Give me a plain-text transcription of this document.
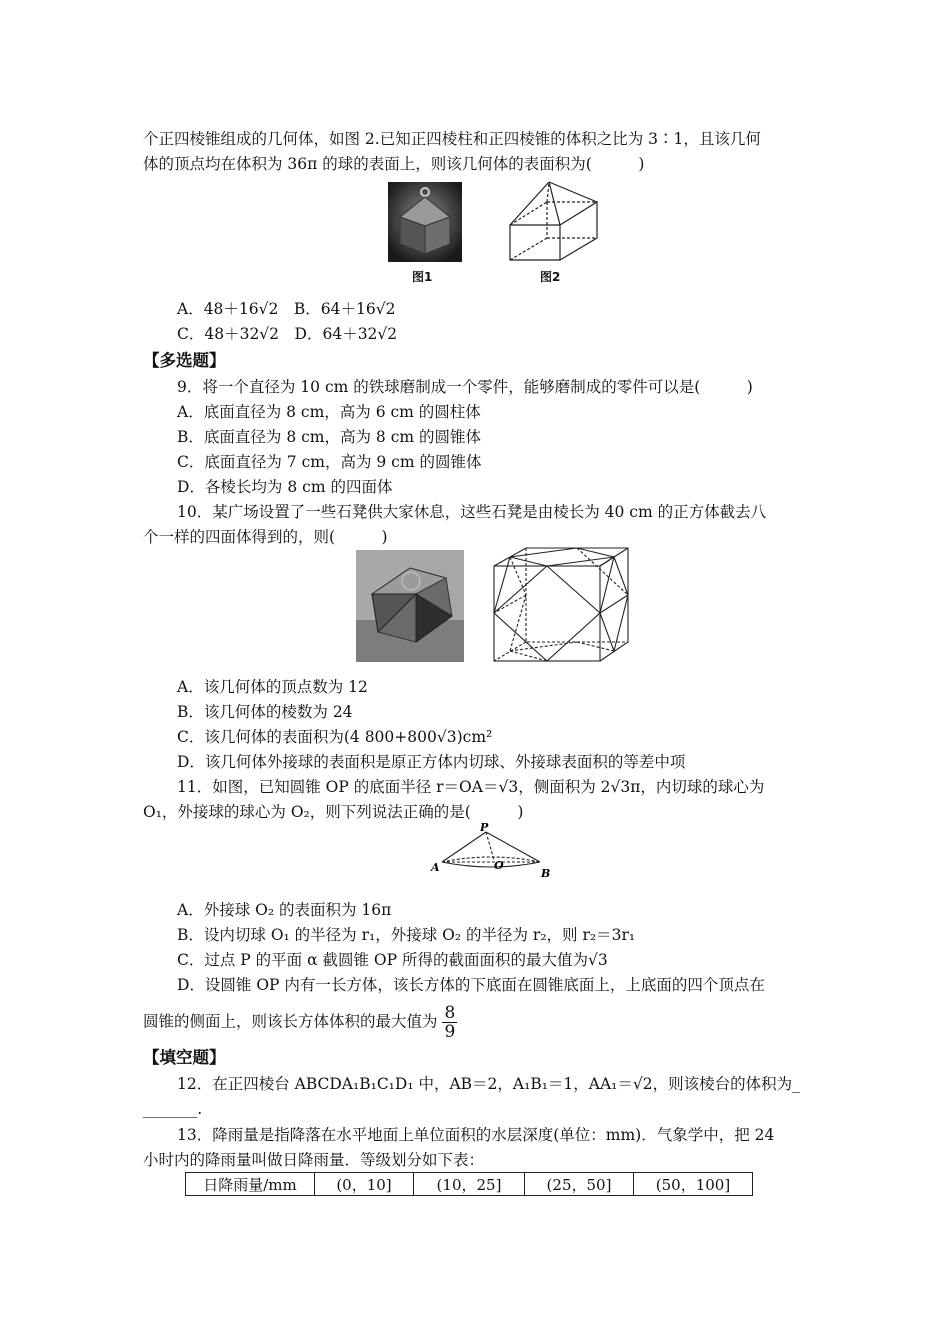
个正四棱锥组成的几何体，如图 2.已知正四棱柱和正四棱锥的体积之比为 3∶1，且该几何
体的顶点均在体积为 36π 的球的表面上，则该几何体的表面积为(　　　)
图1	图2
A．48＋16√2　B．64＋16√2
C．48＋32√2　D．64＋32√2
【多选题】
9．将一个直径为 10 cm 的铁球磨制成一个零件，能够磨制成的零件可以是(　　　)
A．底面直径为 8 cm，高为 6 cm 的圆柱体
B．底面直径为 8 cm，高为 8 cm 的圆锥体
C．底面直径为 7 cm，高为 9 cm 的圆锥体
D．各棱长均为 8 cm 的四面体
10．某广场设置了一些石凳供大家休息，这些石凳是由棱长为 40 cm 的正方体截去八
个一样的四面体得到的，则(　　　)
A．该几何体的顶点数为 12
B．该几何体的棱数为 24
C．该几何体的表面积为(4 800+800√3)cm²
D．该几何体外接球的表面积是原正方体内切球、外接球表面积的等差中项
11．如图，已知圆锥 OP 的底面半径 r＝OA＝√3，侧面积为 2√3π，内切球的球心为
O₁，外接球的球心为 O₂，则下列说法正确的是(　　　)
P
A	O
B
A．外接球 O₂ 的表面积为 16π
B．设内切球 O₁ 的半径为 r₁，外接球 O₂ 的半径为 r₂，则 r₂＝3r₁
C．过点 P 的平面 α 截圆锥 OP 所得的截面面积的最大值为√3
D．设圆锥 OP 内有一长方体，该长方体的下底面在圆锥底面上，上底面的四个顶点在
圆锥的侧面上，则该长方体体积的最大值为 $\frac{8}{9}$
【填空题】
12．在正四棱台 ABCDA₁B₁C₁D₁ 中，AB＝2，A₁B₁＝1，AA₁＝√2，则该棱台的体积为_
_______.
13．降雨量是指降落在水平地面上单位面积的水层深度(单位：mm)．气象学中，把 24
小时内的降雨量叫做日降雨量．等级划分如下表：
日降雨量/mm	(0，10]	(10，25]	(25，50]	(50，100]
